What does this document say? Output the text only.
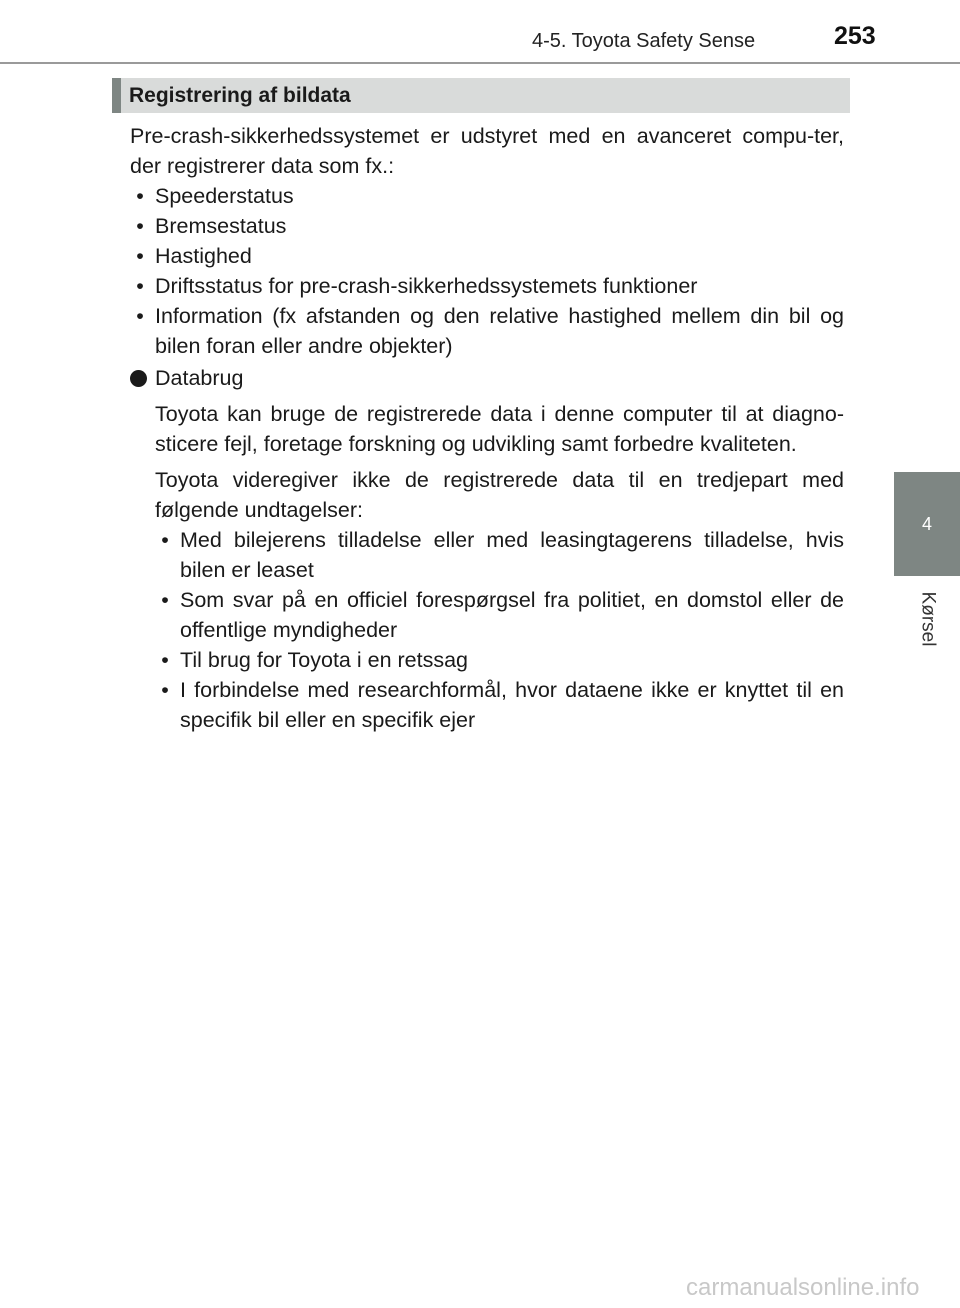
4-5. Toyota Safety Sense	253
4
Kørsel
Registrering af bildata

Pre-crash-sikkerhedssystemet er udstyret med en avanceret compu-ter, der registrerer data som fx.:

• Speederstatus
• Bremsestatus
• Hastighed
• Driftsstatus for pre-crash-sikkerhedssystemets funktioner
• Information (fx afstanden og den relative hastighed mellem din bil og bilen foran eller andre objekter)
Databrug

Toyota kan bruge de registrerede data i denne computer til at diagno-sticere fejl, foretage forskning og udvikling samt forbedre kvaliteten.

Toyota videregiver ikke de registrerede data til en tredjepart med følgende undtagelser:

• Med bilejerens tilladelse eller med leasingtagerens tilladelse, hvis bilen er leaset
• Som svar på en officiel forespørgsel fra politiet, en domstol eller de offentlige myndigheder
• Til brug for Toyota i en retssag
• I forbindelse med researchformål, hvor dataene ikke er knyttet til en specifik bil eller en specifik ejer
carmanualsonline.info
